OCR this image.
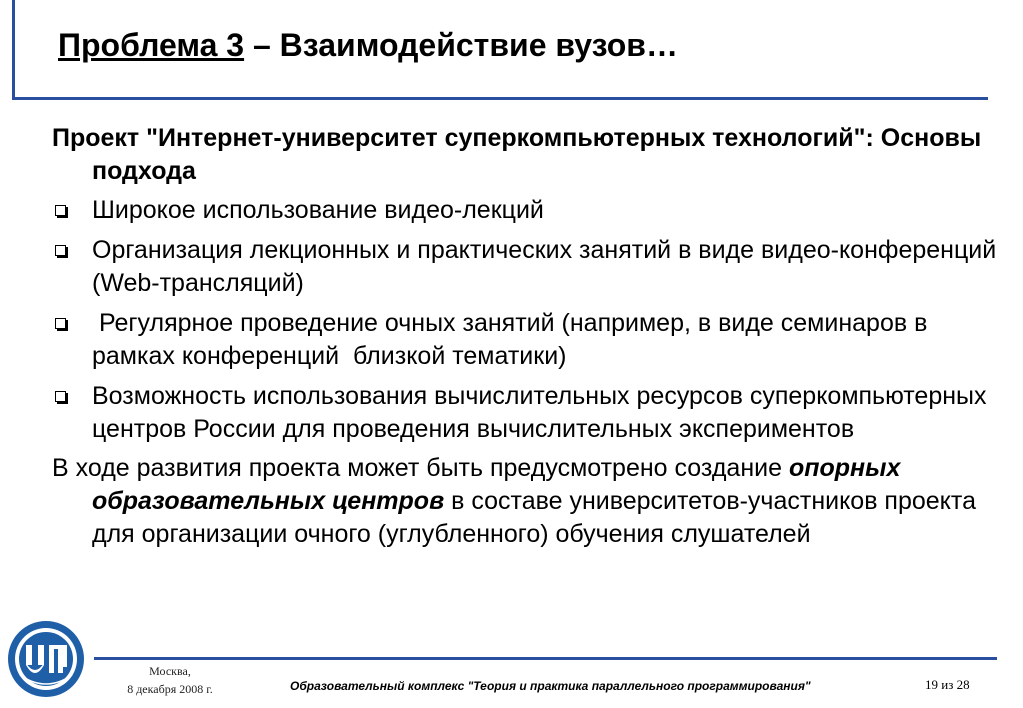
Проблема 3 – Взаимодействие вузов…

Проект "Интернет-университет суперкомпьютерных технологий": Основы подхода

Широкое использование видео-лекций
Организация лекционных и практических занятий в виде видео-конференций (Web-трансляций)
Регулярное проведение очных занятий (например, в виде семинаров в рамках конференций  близкой тематики)
Возможность использования вычислительных ресурсов суперкомпьютерных центров России для проведения вычислительных экспериментов

В ходе развития проекта может быть предусмотрено создание опорных образовательных центров в составе университетов-участников проекта для организации очного (углубленного) обучения слушателей

Москва,
8 декабря 2008 г.	Образовательный комплекс "Теория и практика параллельного программирования"	19 из 28
